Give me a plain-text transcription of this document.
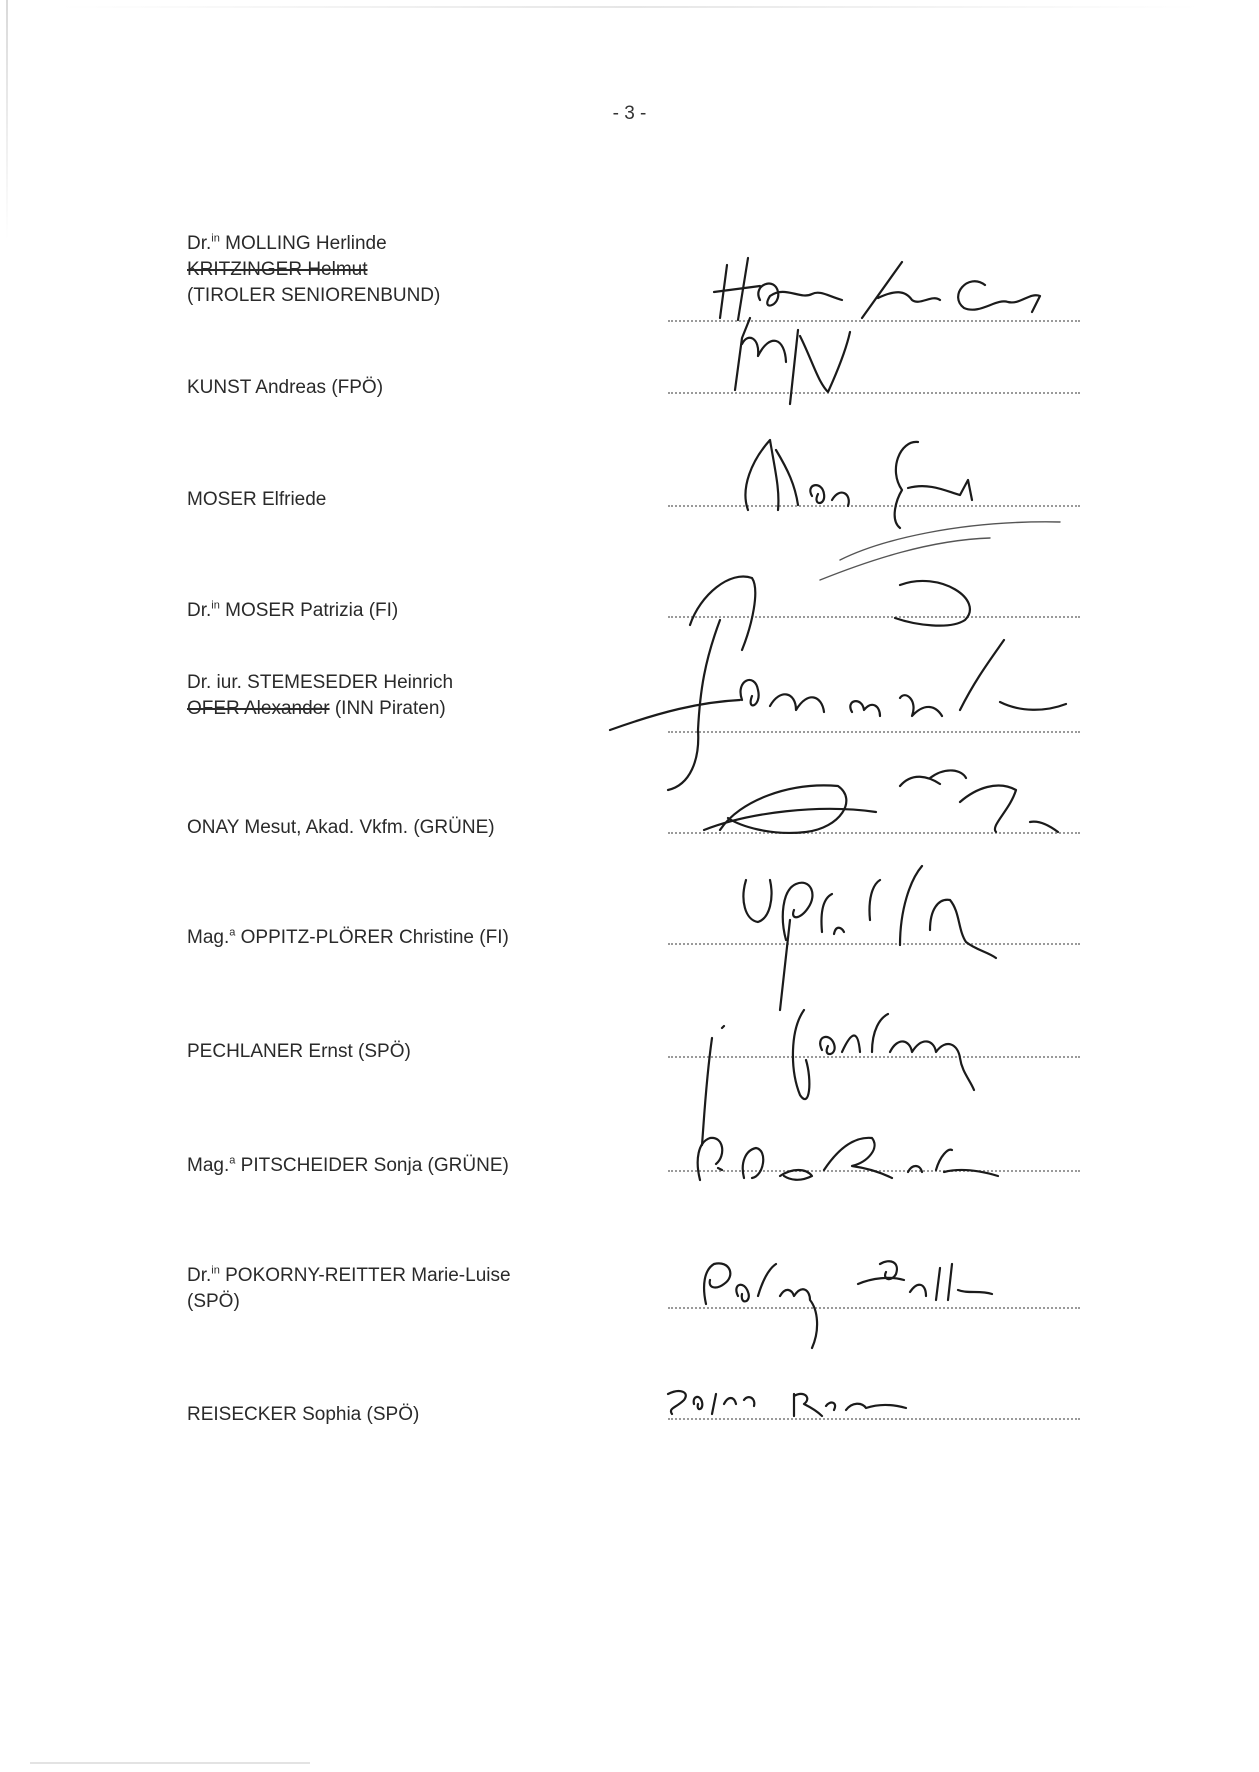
- 3 -
Dr.$^{in}$ MOLLING Herlinde
KRITZINGER Helmut
(TIROLER SENIORENBUND)
KUNST Andreas (FPÖ)
MOSER Elfriede
Dr.$^{in}$ MOSER Patrizia (FI)
Dr. iur. STEMESEDER Heinrich
OFER Alexander (INN Piraten)
ONAY Mesut, Akad. Vkfm. (GRÜNE)
Mag.$^a$ OPPITZ-PLÖRER Christine (FI)
PECHLANER Ernst (SPÖ)
Mag.$^a$ PITSCHEIDER Sonja (GRÜNE)
Dr.$^{in}$ POKORNY-REITTER Marie-Luise
(SPÖ)
REISECKER Sophia (SPÖ)
